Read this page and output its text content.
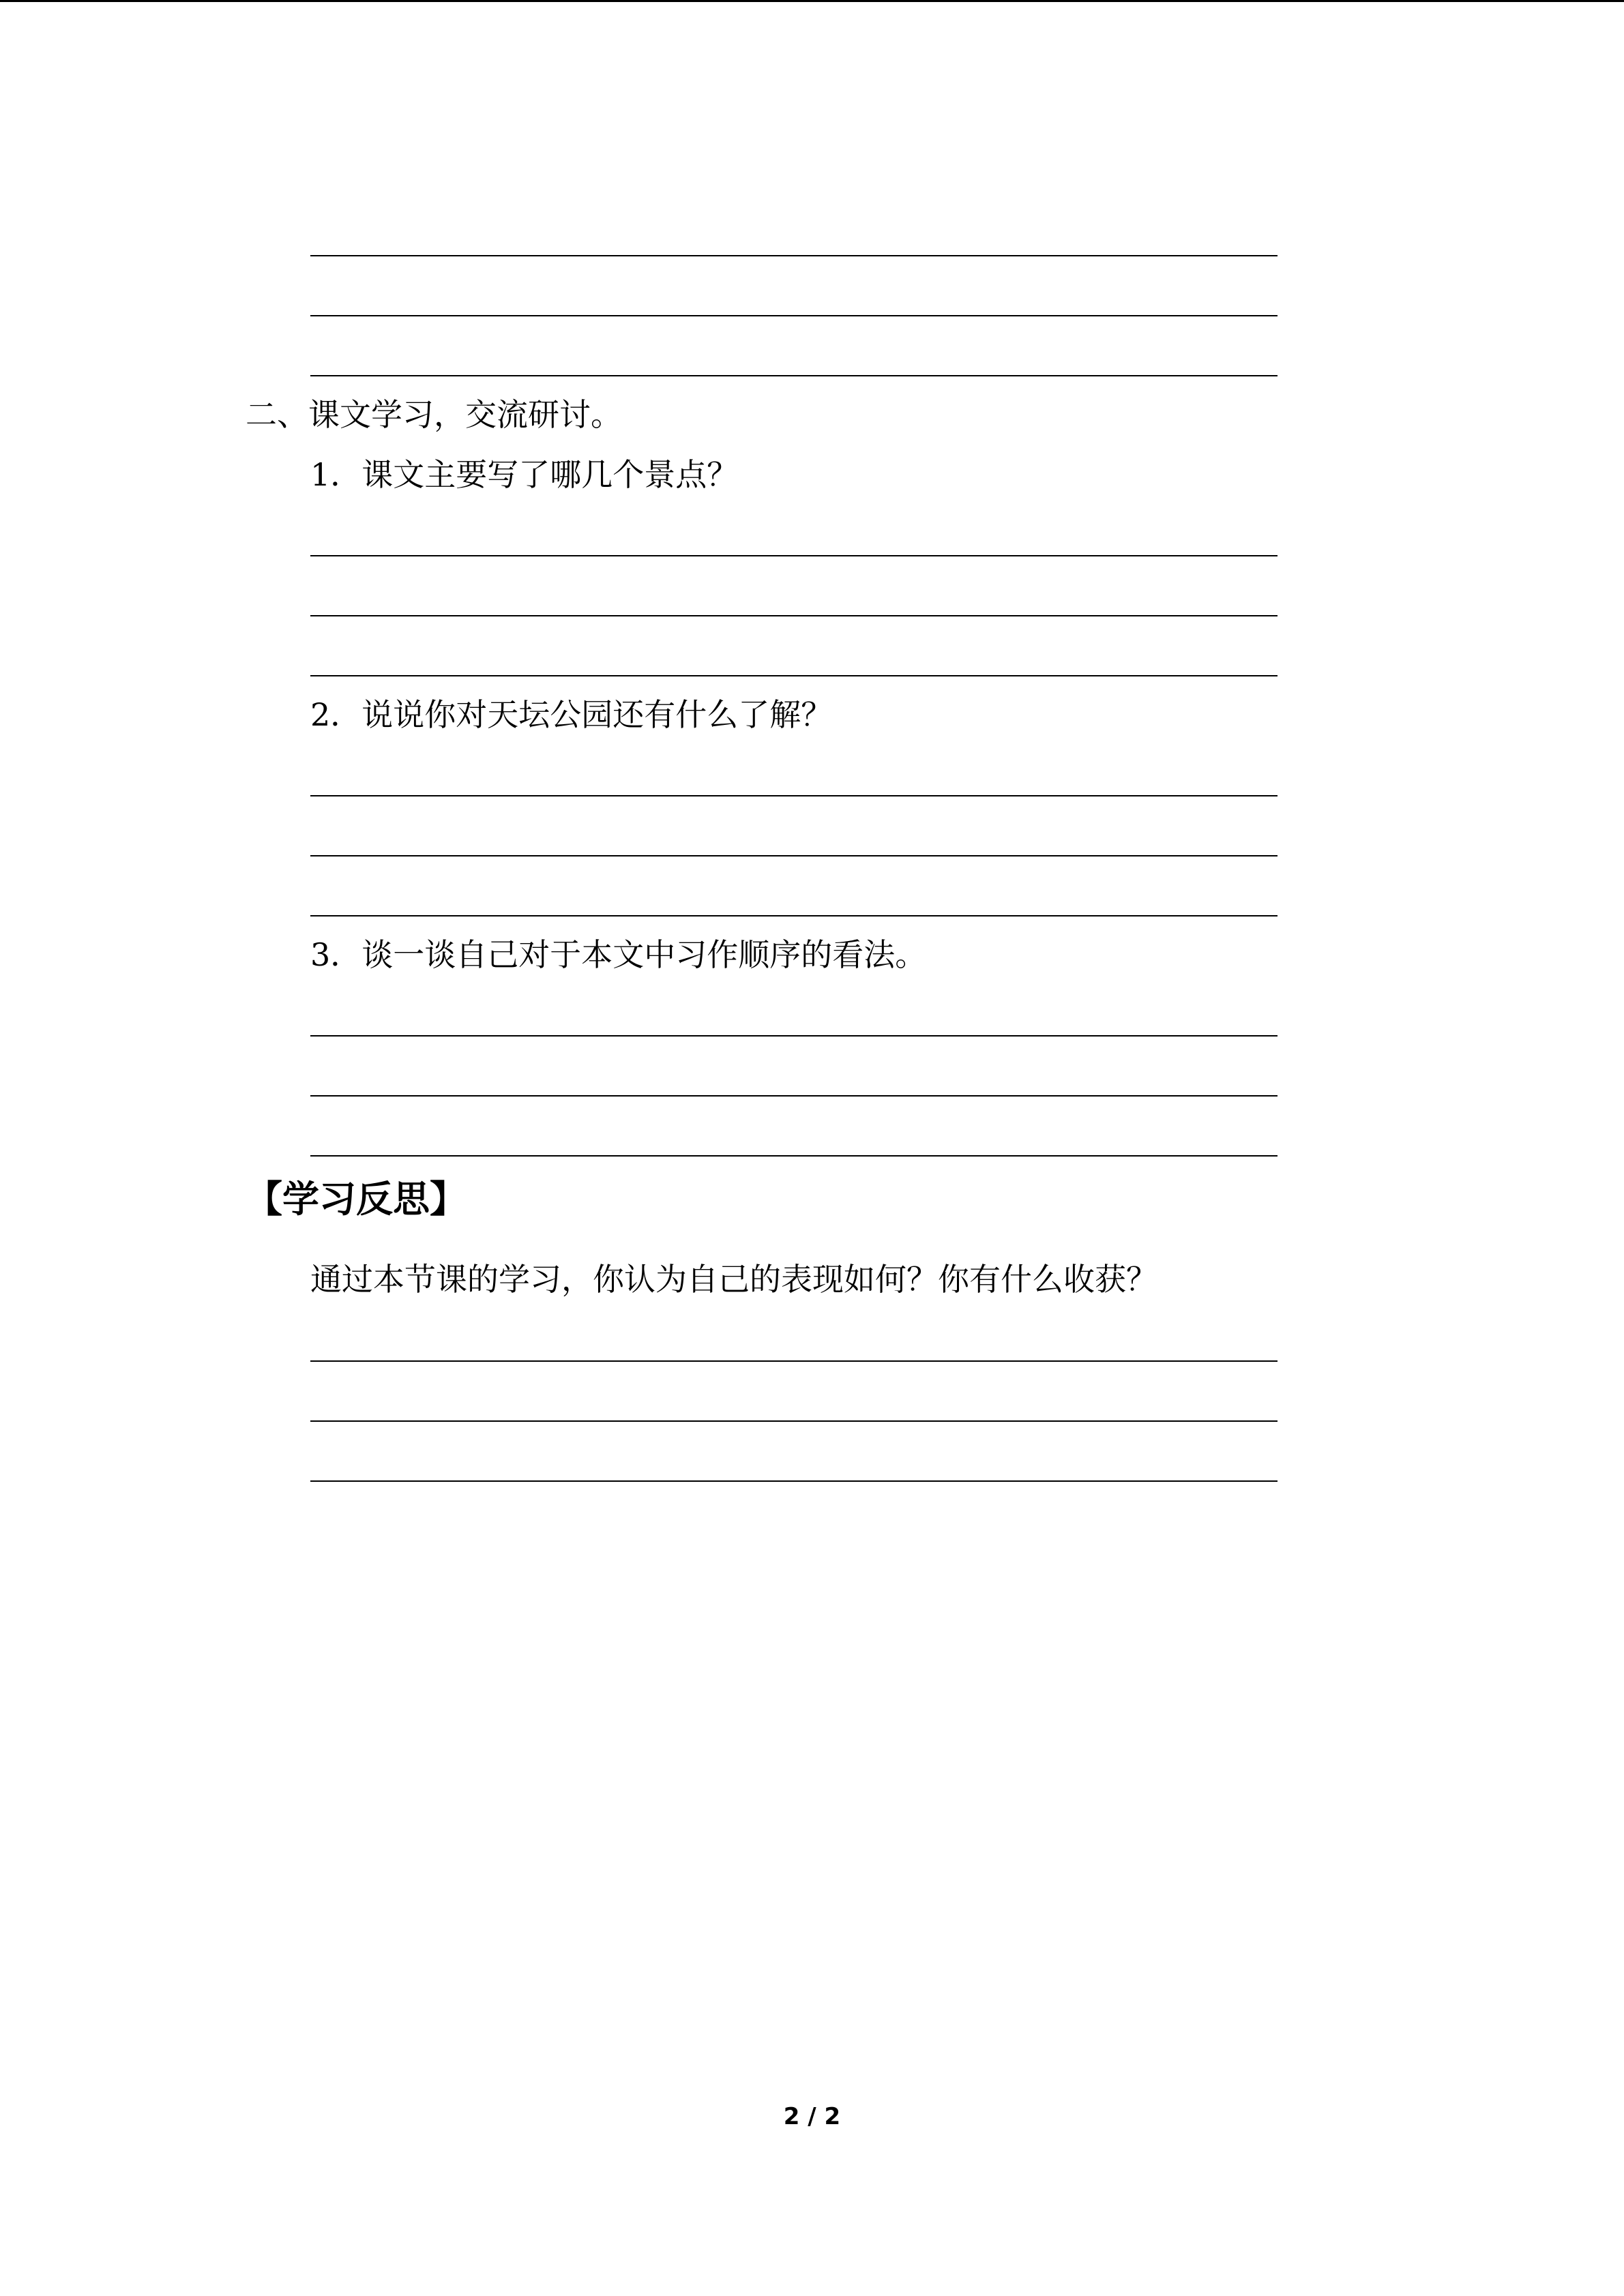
二、课文学习，交流研讨。
1．课文主要写了哪几个景点？
2．说说你对天坛公园还有什么了解？
3．谈一谈自己对于本文中习作顺序的看法。
【学习反思】
通过本节课的学习，你认为自己的表现如何？你有什么收获？
2 / 2
